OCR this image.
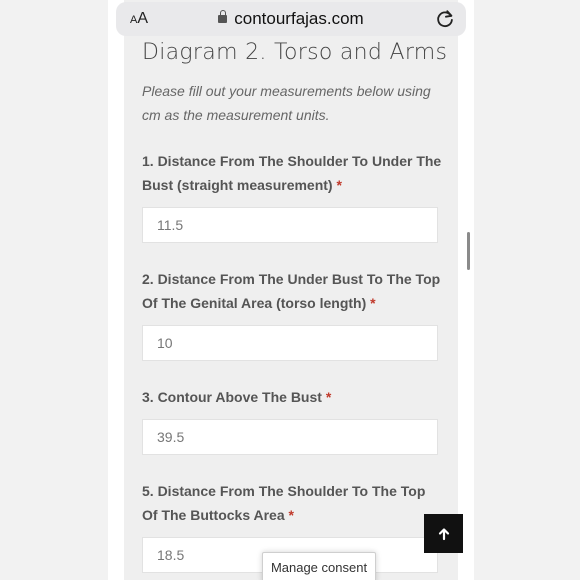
AA	contourfajas.com
Diagram 2. Torso and Arms
Please fill out your measurements below using cm as the measurement units.
1. Distance From The Shoulder To Under The Bust (straight measurement) *
11.5
2. Distance From The Under Bust To The Top Of The Genital Area (torso length) *
10
3. Contour Above The Bust *
39.5
5. Distance From The Shoulder To The Top Of The Buttocks Area *
18.5
Manage consent
